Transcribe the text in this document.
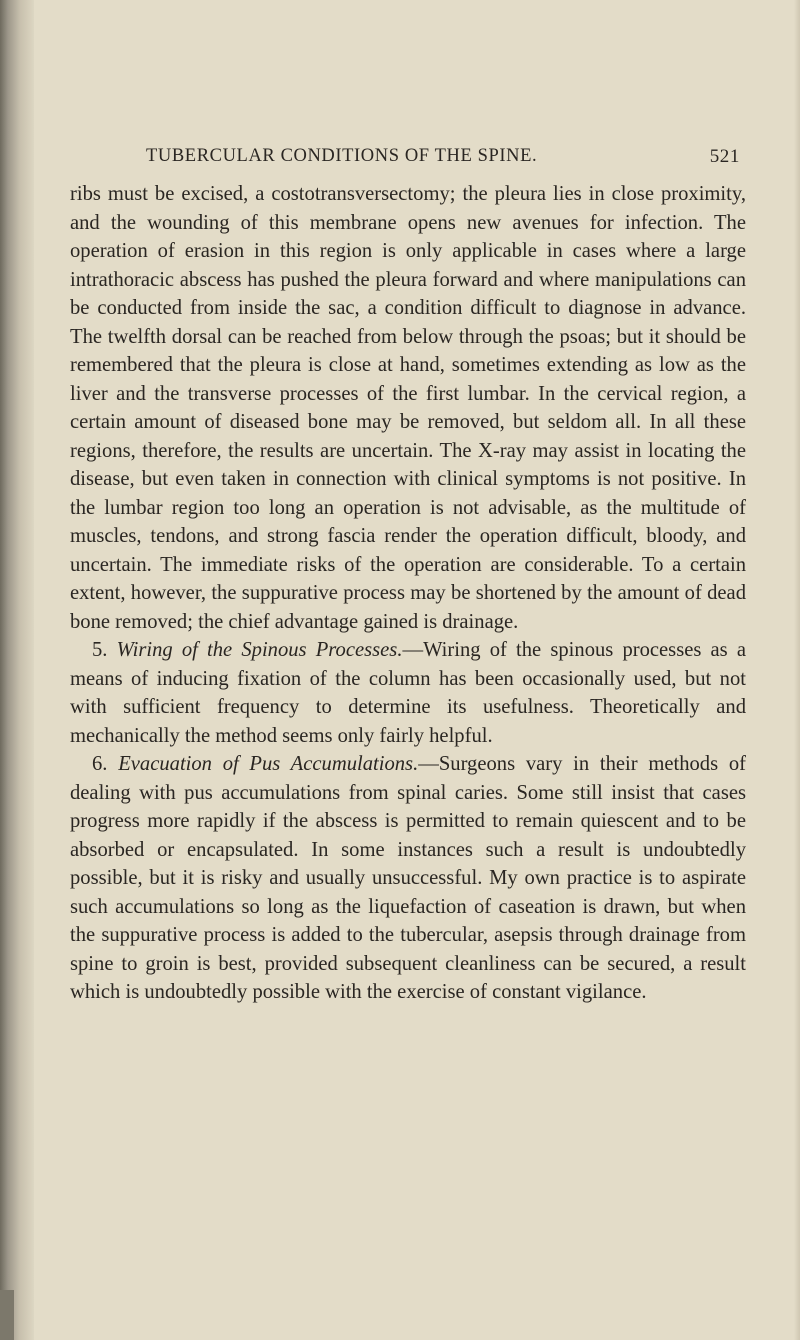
TUBERCULAR CONDITIONS OF THE SPINE.	521

ribs must be excised, a costotransversectomy; the pleura lies in close proximity, and the wounding of this membrane opens new avenues for infection. The operation of erasion in this region is only applicable in cases where a large intrathoracic abscess has pushed the pleura forward and where manipulations can be conducted from inside the sac, a condition difficult to diagnose in advance. The twelfth dorsal can be reached from below through the psoas; but it should be remembered that the pleura is close at hand, sometimes extending as low as the liver and the transverse processes of the first lumbar. In the cervical region, a certain amount of diseased bone may be removed, but seldom all. In all these regions, therefore, the results are uncertain. The X-ray may assist in locating the disease, but even taken in connection with clinical symptoms is not positive. In the lumbar region too long an operation is not advisable, as the multitude of muscles, tendons, and strong fascia render the operation difficult, bloody, and uncertain. The immediate risks of the operation are considerable. To a certain extent, however, the suppurative process may be shortened by the amount of dead bone removed; the chief advantage gained is drainage.

5. Wiring of the Spinous Processes.—Wiring of the spinous processes as a means of inducing fixation of the column has been occasionally used, but not with sufficient frequency to determine its usefulness. Theoretically and mechanically the method seems only fairly helpful.

6. Evacuation of Pus Accumulations.—Surgeons vary in their methods of dealing with pus accumulations from spinal caries. Some still insist that cases progress more rapidly if the abscess is permitted to remain quiescent and to be absorbed or encapsulated. In some instances such a result is undoubtedly possible, but it is risky and usually unsuccessful. My own practice is to aspirate such accumulations so long as the liquefaction of caseation is drawn, but when the suppurative process is added to the tubercular, asepsis through drainage from spine to groin is best, provided subsequent cleanliness can be secured, a result which is undoubtedly possible with the exercise of constant vigilance.
